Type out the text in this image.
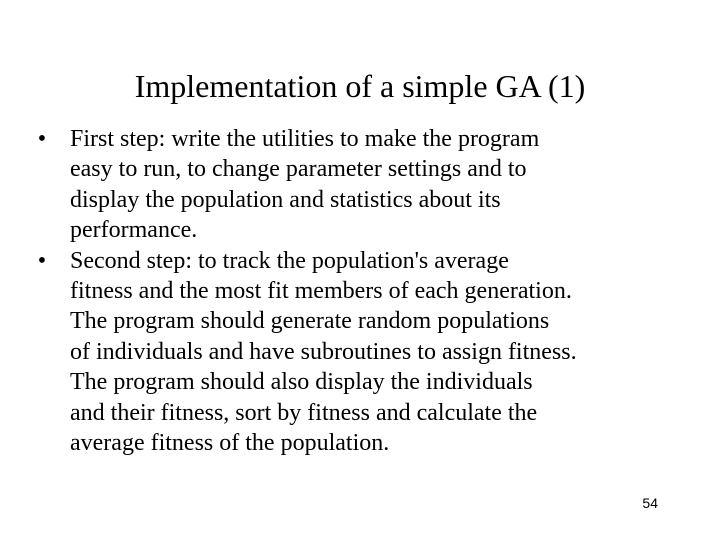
Implementation of a simple GA (1)
• First step: write the utilities to make the program
easy to run, to change parameter settings and to
display the population and statistics about its
performance.
• Second step: to track the population's average
fitness and the most fit members of each generation.
The program should generate random populations
of individuals and have subroutines to assign fitness.
The program should also display the individuals
and their fitness, sort by fitness and calculate the
average fitness of the population.
54
